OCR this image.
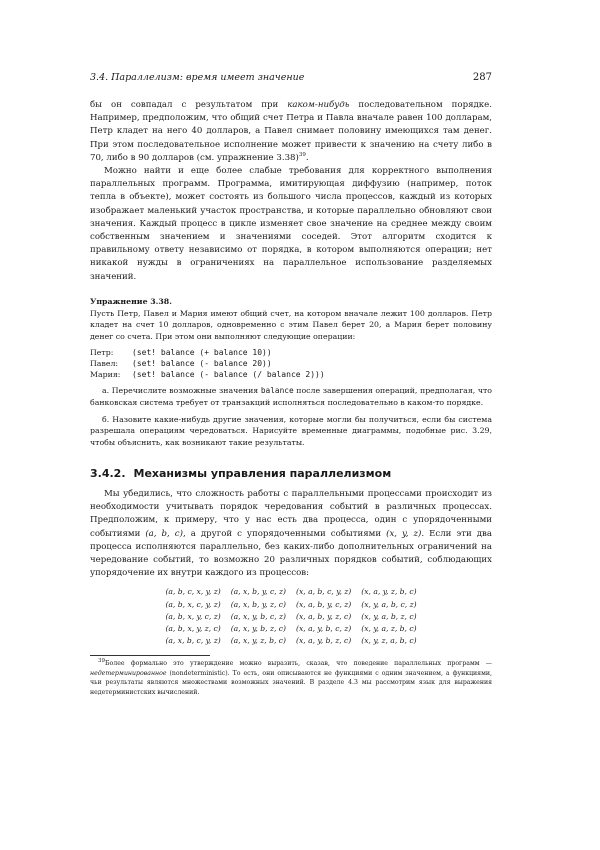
3.4. Параллелизм: время имеет значение	287

бы он совпадал с результатом при каком-нибудь последовательном порядке. Например, предположим, что общий счет Петра и Павла вначале равен 100 долларам, Петр кладет на него 40 долларов, а Павел снимает половину имеющихся там денег. При этом последовательное исполнение может привести к значению на счету либо в 70, либо в 90 долларов (см. упражнение 3.38)$^{39}$.

Можно найти и еще более слабые требования для корректного выполнения параллельных программ. Программа, имитирующая диффузию (например, поток тепла в объекте), может состоять из большого числа процессов, каждый из которых изображает маленький участок пространства, и которые параллельно обновляют свои значения. Каждый процесс в цикле изменяет свое значение на среднее между своим собственным значением и значениями соседей. Этот алгоритм сходится к правильному ответу независимо от порядка, в котором выполняются операции; нет никакой нужды в ограничениях на параллельное использование разделяемых значений.

Упражнение 3.38.

Пусть Петр, Павел и Мария имеют общий счет, на котором вначале лежит 100 долларов. Петр кладет на счет 10 долларов, одновременно с этим Павел берет 20, а Мария берет половину денег со счета. При этом они выполняют следующие операции:

Петр:	(set! balance (+ balance 10))
Павел:	(set! balance (- balance 20))
Мария:	(set! balance (- balance (/ balance 2)))

а. Перечислите возможные значения balance после завершения операций, предполагая, что банковская система требует от транзакций исполняться последовательно в каком-то порядке.

б. Назовите какие-нибудь другие значения, которые могли бы получиться, если бы система разрешала операциям чередоваться. Нарисуйте временные диаграммы, подобные рис. 3.29, чтобы объяснить, как возникают такие результаты.

3.4.2. Механизмы управления параллелизмом

Мы убедились, что сложность работы с параллельными процессами происходит из необходимости учитывать порядок чередования событий в различных процессах. Предположим, к примеру, что у нас есть два процесса, один с упорядоченными событиями (a, b, c), а другой с упорядоченными событиями (x, y, z). Если эти два процесса исполняются параллельно, без каких-либо дополнительных ограничений на чередование событий, то возможно 20 различных порядков событий, соблюдающих упорядочение их внутри каждого из процессов:

(a, b, c, x, y, z)	(a, x, b, y, c, z)	(x, a, b, c, y, z)	(x, a, y, z, b, c)
(a, b, x, c, y, z)	(a, x, b, y, z, c)	(x, a, b, y, c, z)	(x, y, a, b, c, z)
(a, b, x, y, c, z)	(a, x, y, b, c, z)	(x, a, b, y, z, c)	(x, y, a, b, z, c)
(a, b, x, y, z, c)	(a, x, y, b, z, c)	(x, a, y, b, c, z)	(x, y, a, z, b, c)
(a, x, b, c, y, z)	(a, x, y, z, b, c)	(x, a, y, b, z, c)	(x, y, z, a, b, c)

$^{39}$Более формально это утверждение можно выразить, сказав, что поведение параллельных программ — недетерминированное (nondeterministic). То есть, они описываются не функциями с одним значением, а функциями, чьи результаты являются множествами возможных значений. В разделе 4.3 мы рассмотрим язык для выражения недетерминистских вычислений.
